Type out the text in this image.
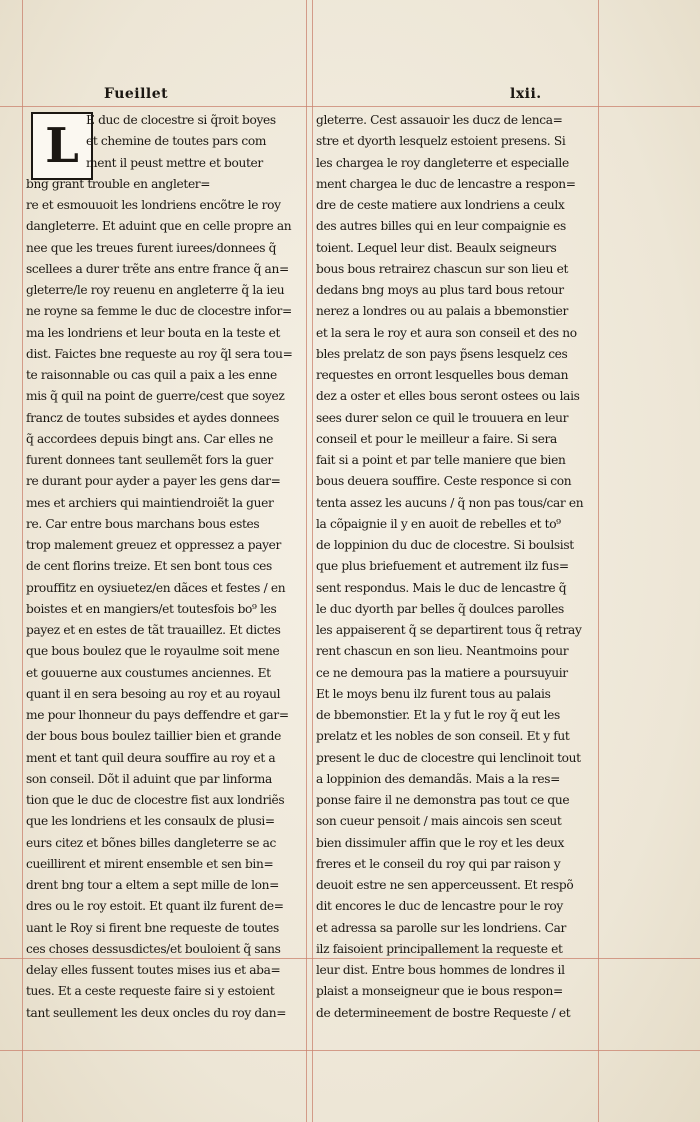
Fueillet	lxii.
L E duc de clocestre si q̃roit boyes
et chemine de toutes pars com
ment il peust mettre et bouter
bng grant trouble en angleter=
re et esmouuoit les londriens encõtre le roy
dangleterre. Et aduint que en celle propre an
nee que les treues furent iurees/donnees q̃
scellees a durer trẽte ans entre france q̃ an=
gleterre/le roy reuenu en angleterre q̃ la ieu
ne royne sa femme le duc de clocestre infor=
ma les londriens et leur bouta en la teste et
dist. Faictes bne requeste au roy q̃l sera tou=
te raisonnable ou cas quil a paix a les enne
mis q̃ quil na point de guerre/cest que soyez
francz de toutes subsides et aydes donnees
q̃ accordees depuis bingt ans. Car elles ne
furent donnees tant seullemẽt fors la guer
re durant pour ayder a payer les gens dar=
mes et archiers qui maintiendroiẽt la guer
re. Car entre bous marchans bous estes
trop malement greuez et oppressez a payer
de cent florins treize. Et sen bont tous ces
prouffitz en oysiuetez/en dãces et festes / en
boistes et en mangiers/et toutesfois bo⁹ les
payez et en estes de tãt trauaillez. Et dictes
que bous boulez que le royaulme soit mene
et gouuerne aux coustumes anciennes. Et
quant il en sera besoing au roy et au royaul
me pour lhonneur du pays deffendre et gar=
der bous bous boulez taillier bien et grande
ment et tant quil deura souffire au roy et a
son conseil. Dõt il aduint que par linforma
tion que le duc de clocestre fist aux londriẽs
que les londriens et les consaulx de plusi=
eurs citez et bõnes billes dangleterre se ac
cueillirent et mirent ensemble et sen bin=
drent bng tour a eltem a sept mille de lon=
dres ou le roy estoit. Et quant ilz furent de=
uant le Roy si firent bne requeste de toutes
ces choses dessusdictes/et bouloient q̃ sans
delay elles fussent toutes mises ius et aba=
tues. Et a ceste requeste faire si y estoient
tant seullement les deux oncles du roy dan=
gleterre. Cest assauoir les ducz de lenca=
stre et dyorth lesquelz estoient presens. Si
les chargea le roy dangleterre et especialle
ment chargea le duc de lencastre a respon=
dre de ceste matiere aux londriens a ceulx
des autres billes qui en leur compaignie es
toient. Lequel leur dist. Beaulx seigneurs
bous bous retrairez chascun sur son lieu et
dedans bng moys au plus tard bous retour
nerez a londres ou au palais a bbemonstier
et la sera le roy et aura son conseil et des no
bles prelatz de son pays p̃sens lesquelz ces
requestes en orront lesquelles bous deman
dez a oster et elles bous seront ostees ou lais
sees durer selon ce quil le trouuera en leur
conseil et pour le meilleur a faire. Si sera
fait si a point et par telle maniere que bien
bous deuera souffire. Ceste responce si con
tenta assez les aucuns / q̃ non pas tous/car en
la cõpaignie il y en auoit de rebelles et to⁹
de loppinion du duc de clocestre. Si boulsist
que plus briefuement et autrement ilz fus=
sent respondus. Mais le duc de lencastre q̃
le duc dyorth par belles q̃ doulces parolles
les appaiserent q̃ se departirent tous q̃ retray
rent chascun en son lieu. Neantmoins pour
ce ne demoura pas la matiere a poursuyuir
Et le moys benu ilz furent tous au palais
de bbemonstier. Et la y fut le roy q̃ eut les
prelatz et les nobles de son conseil. Et y fut
present le duc de clocestre qui lenclinoit tout
a loppinion des demandãs. Mais a la res=
ponse faire il ne demonstra pas tout ce que
son cueur pensoit / mais aincois sen sceut
bien dissimuler affin que le roy et les deux
freres et le conseil du roy qui par raison y
deuoit estre ne sen apperceussent. Et respõ
dit encores le duc de lencastre pour le roy
et adressa sa parolle sur les londriens. Car
ilz faisoient principallement la requeste et
leur dist. Entre bous hommes de londres il
plaist a monseigneur que ie bous respon=
de determineement de bostre Requeste / et
